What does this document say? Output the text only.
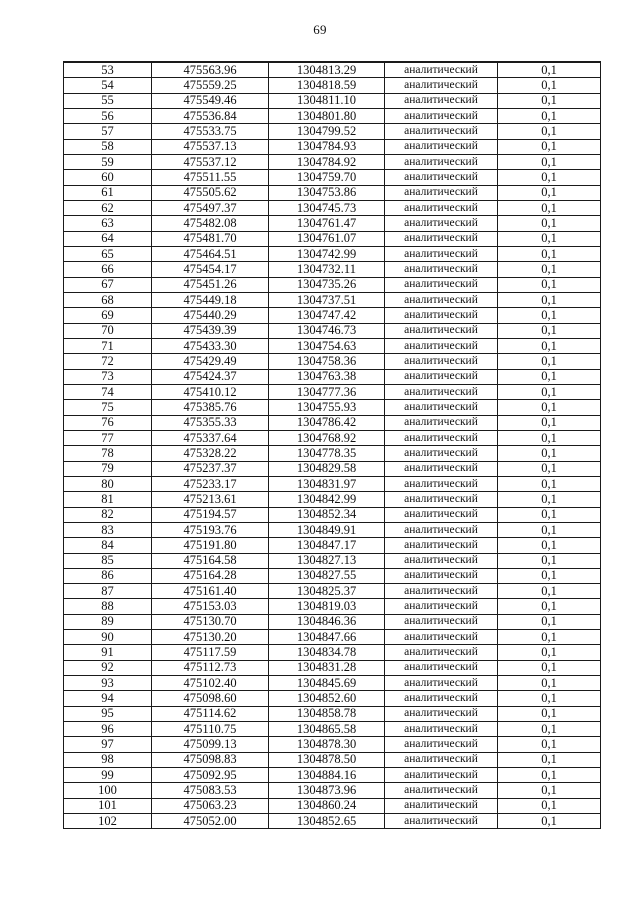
69
53	475563.96	1304813.29	аналитический	0,1
54	475559.25	1304818.59	аналитический	0,1
55	475549.46	1304811.10	аналитический	0,1
56	475536.84	1304801.80	аналитический	0,1
57	475533.75	1304799.52	аналитический	0,1
58	475537.13	1304784.93	аналитический	0,1
59	475537.12	1304784.92	аналитический	0,1
60	475511.55	1304759.70	аналитический	0,1
61	475505.62	1304753.86	аналитический	0,1
62	475497.37	1304745.73	аналитический	0,1
63	475482.08	1304761.47	аналитический	0,1
64	475481.70	1304761.07	аналитический	0,1
65	475464.51	1304742.99	аналитический	0,1
66	475454.17	1304732.11	аналитический	0,1
67	475451.26	1304735.26	аналитический	0,1
68	475449.18	1304737.51	аналитический	0,1
69	475440.29	1304747.42	аналитический	0,1
70	475439.39	1304746.73	аналитический	0,1
71	475433.30	1304754.63	аналитический	0,1
72	475429.49	1304758.36	аналитический	0,1
73	475424.37	1304763.38	аналитический	0,1
74	475410.12	1304777.36	аналитический	0,1
75	475385.76	1304755.93	аналитический	0,1
76	475355.33	1304786.42	аналитический	0,1
77	475337.64	1304768.92	аналитический	0,1
78	475328.22	1304778.35	аналитический	0,1
79	475237.37	1304829.58	аналитический	0,1
80	475233.17	1304831.97	аналитический	0,1
81	475213.61	1304842.99	аналитический	0,1
82	475194.57	1304852.34	аналитический	0,1
83	475193.76	1304849.91	аналитический	0,1
84	475191.80	1304847.17	аналитический	0,1
85	475164.58	1304827.13	аналитический	0,1
86	475164.28	1304827.55	аналитический	0,1
87	475161.40	1304825.37	аналитический	0,1
88	475153.03	1304819.03	аналитический	0,1
89	475130.70	1304846.36	аналитический	0,1
90	475130.20	1304847.66	аналитический	0,1
91	475117.59	1304834.78	аналитический	0,1
92	475112.73	1304831.28	аналитический	0,1
93	475102.40	1304845.69	аналитический	0,1
94	475098.60	1304852.60	аналитический	0,1
95	475114.62	1304858.78	аналитический	0,1
96	475110.75	1304865.58	аналитический	0,1
97	475099.13	1304878.30	аналитический	0,1
98	475098.83	1304878.50	аналитический	0,1
99	475092.95	1304884.16	аналитический	0,1
100	475083.53	1304873.96	аналитический	0,1
101	475063.23	1304860.24	аналитический	0,1
102	475052.00	1304852.65	аналитический	0,1
